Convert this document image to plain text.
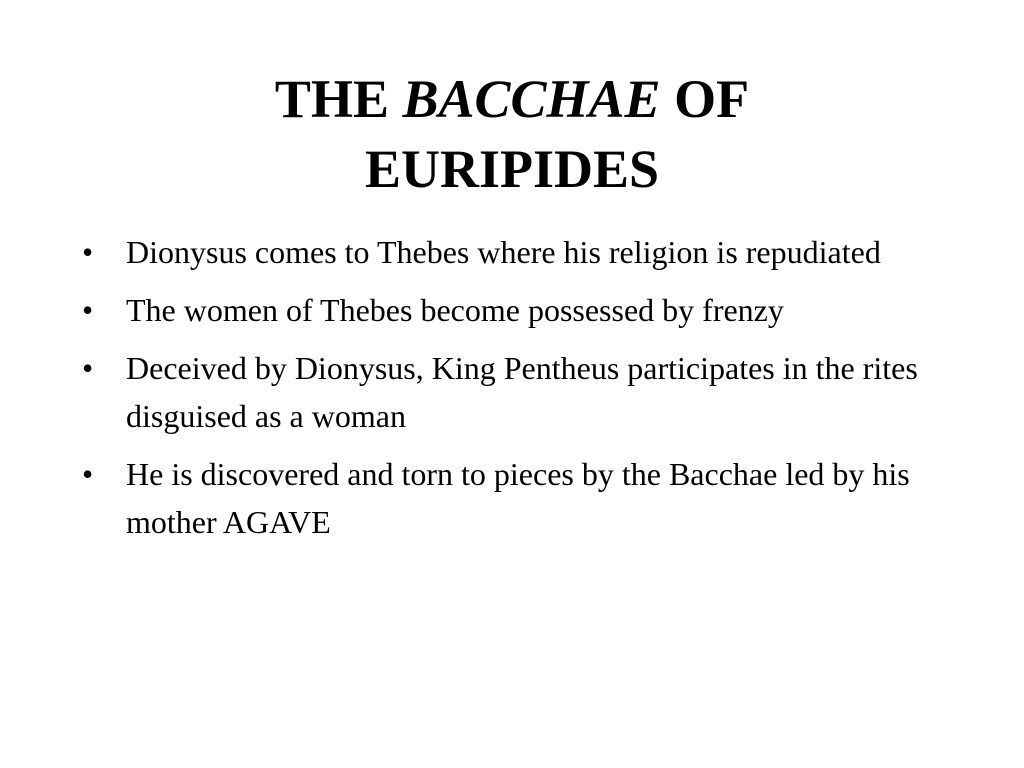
THE BACCHAE OF
EURIPIDES
•	Dionysus comes to Thebes where his religion is repudiated
•	The women of Thebes become possessed by frenzy
•	Deceived by Dionysus, King Pentheus participates in the rites disguised as a woman
•	He is discovered and torn to pieces by the Bacchae led by his mother AGAVE
